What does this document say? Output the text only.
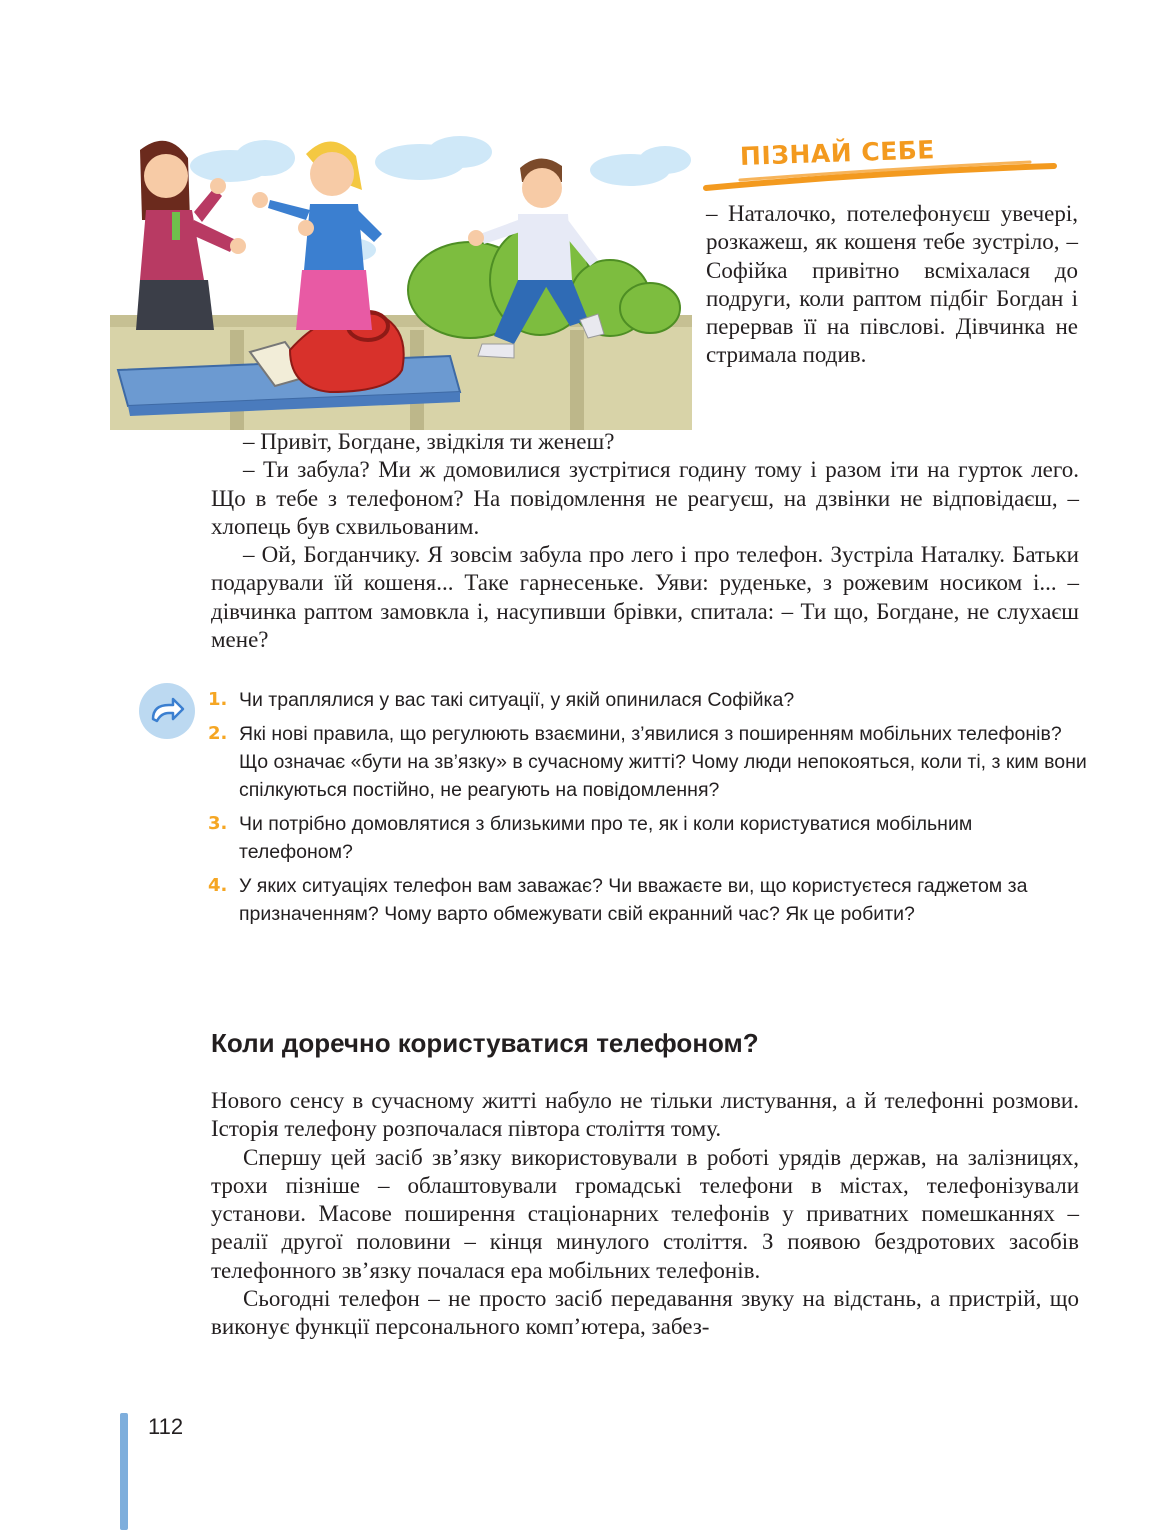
ПІЗНАЙ СЕБЕ

– Наталочко, потелефонуєш увечері, розкажеш, як кошеня тебе зустріло, – Софійка привітно всміхалася до подруги, коли раптом підбіг Богдан і перервав її на півслові. Дівчинка не стримала подив.

– Привіт, Богдане, звідкіля ти женеш?

– Ти забула? Ми ж домовилися зустрітися годину тому і разом іти на гурток лего. Що в тебе з телефоном? На повідомлення не реагуєш, на дзвінки не відповідаєш, – хлопець був схвильованим.

– Ой, Богданчику. Я зовсім забула про лего і про телефон. Зустріла Наталку. Батьки подарували їй кошеня... Таке гарнесеньке. Уяви: руденьке, з рожевим носиком і... – дівчинка раптом замовкла і, насупивши брівки, спитала: – Ти що, Богдане, не слухаєш мене?

1. Чи траплялися у вас такі ситуації, у якій опинилася Софійка?
2. Які нові правила, що регулюють взаємини, з’явилися з поширенням мобільних телефонів? Що означає «бути на зв’язку» в сучасному житті? Чому люди непокояться, коли ті, з ким вони спілкуються постійно, не реагують на повідомлення?
3. Чи потрібно домовлятися з близькими про те, як і коли користуватися мобільним телефоном?
4. У яких ситуаціях телефон вам заважає? Чи вважаєте ви, що користуєтеся гаджетом за призначенням? Чому варто обмежувати свій екранний час? Як це робити?
Коли доречно користуватися телефоном?

Нового сенсу в сучасному житті набуло не тільки листування, а й телефонні розмови. Історія телефону розпочалася півтора століття тому.

Спершу цей засіб зв’язку використовували в роботі урядів держав, на залізницях, трохи пізніше – облаштовували громадські телефони в містах, телефонізували установи. Масове поширення стаціонарних телефонів у приватних помешканнях – реалії другої половини – кінця минулого століття. З появою бездротових засобів телефонного зв’язку почалася ера мобільних телефонів.

Сьогодні телефон – не просто засіб передавання звуку на відстань, а пристрій, що виконує функції персонального комп’ютера, забез-

112
